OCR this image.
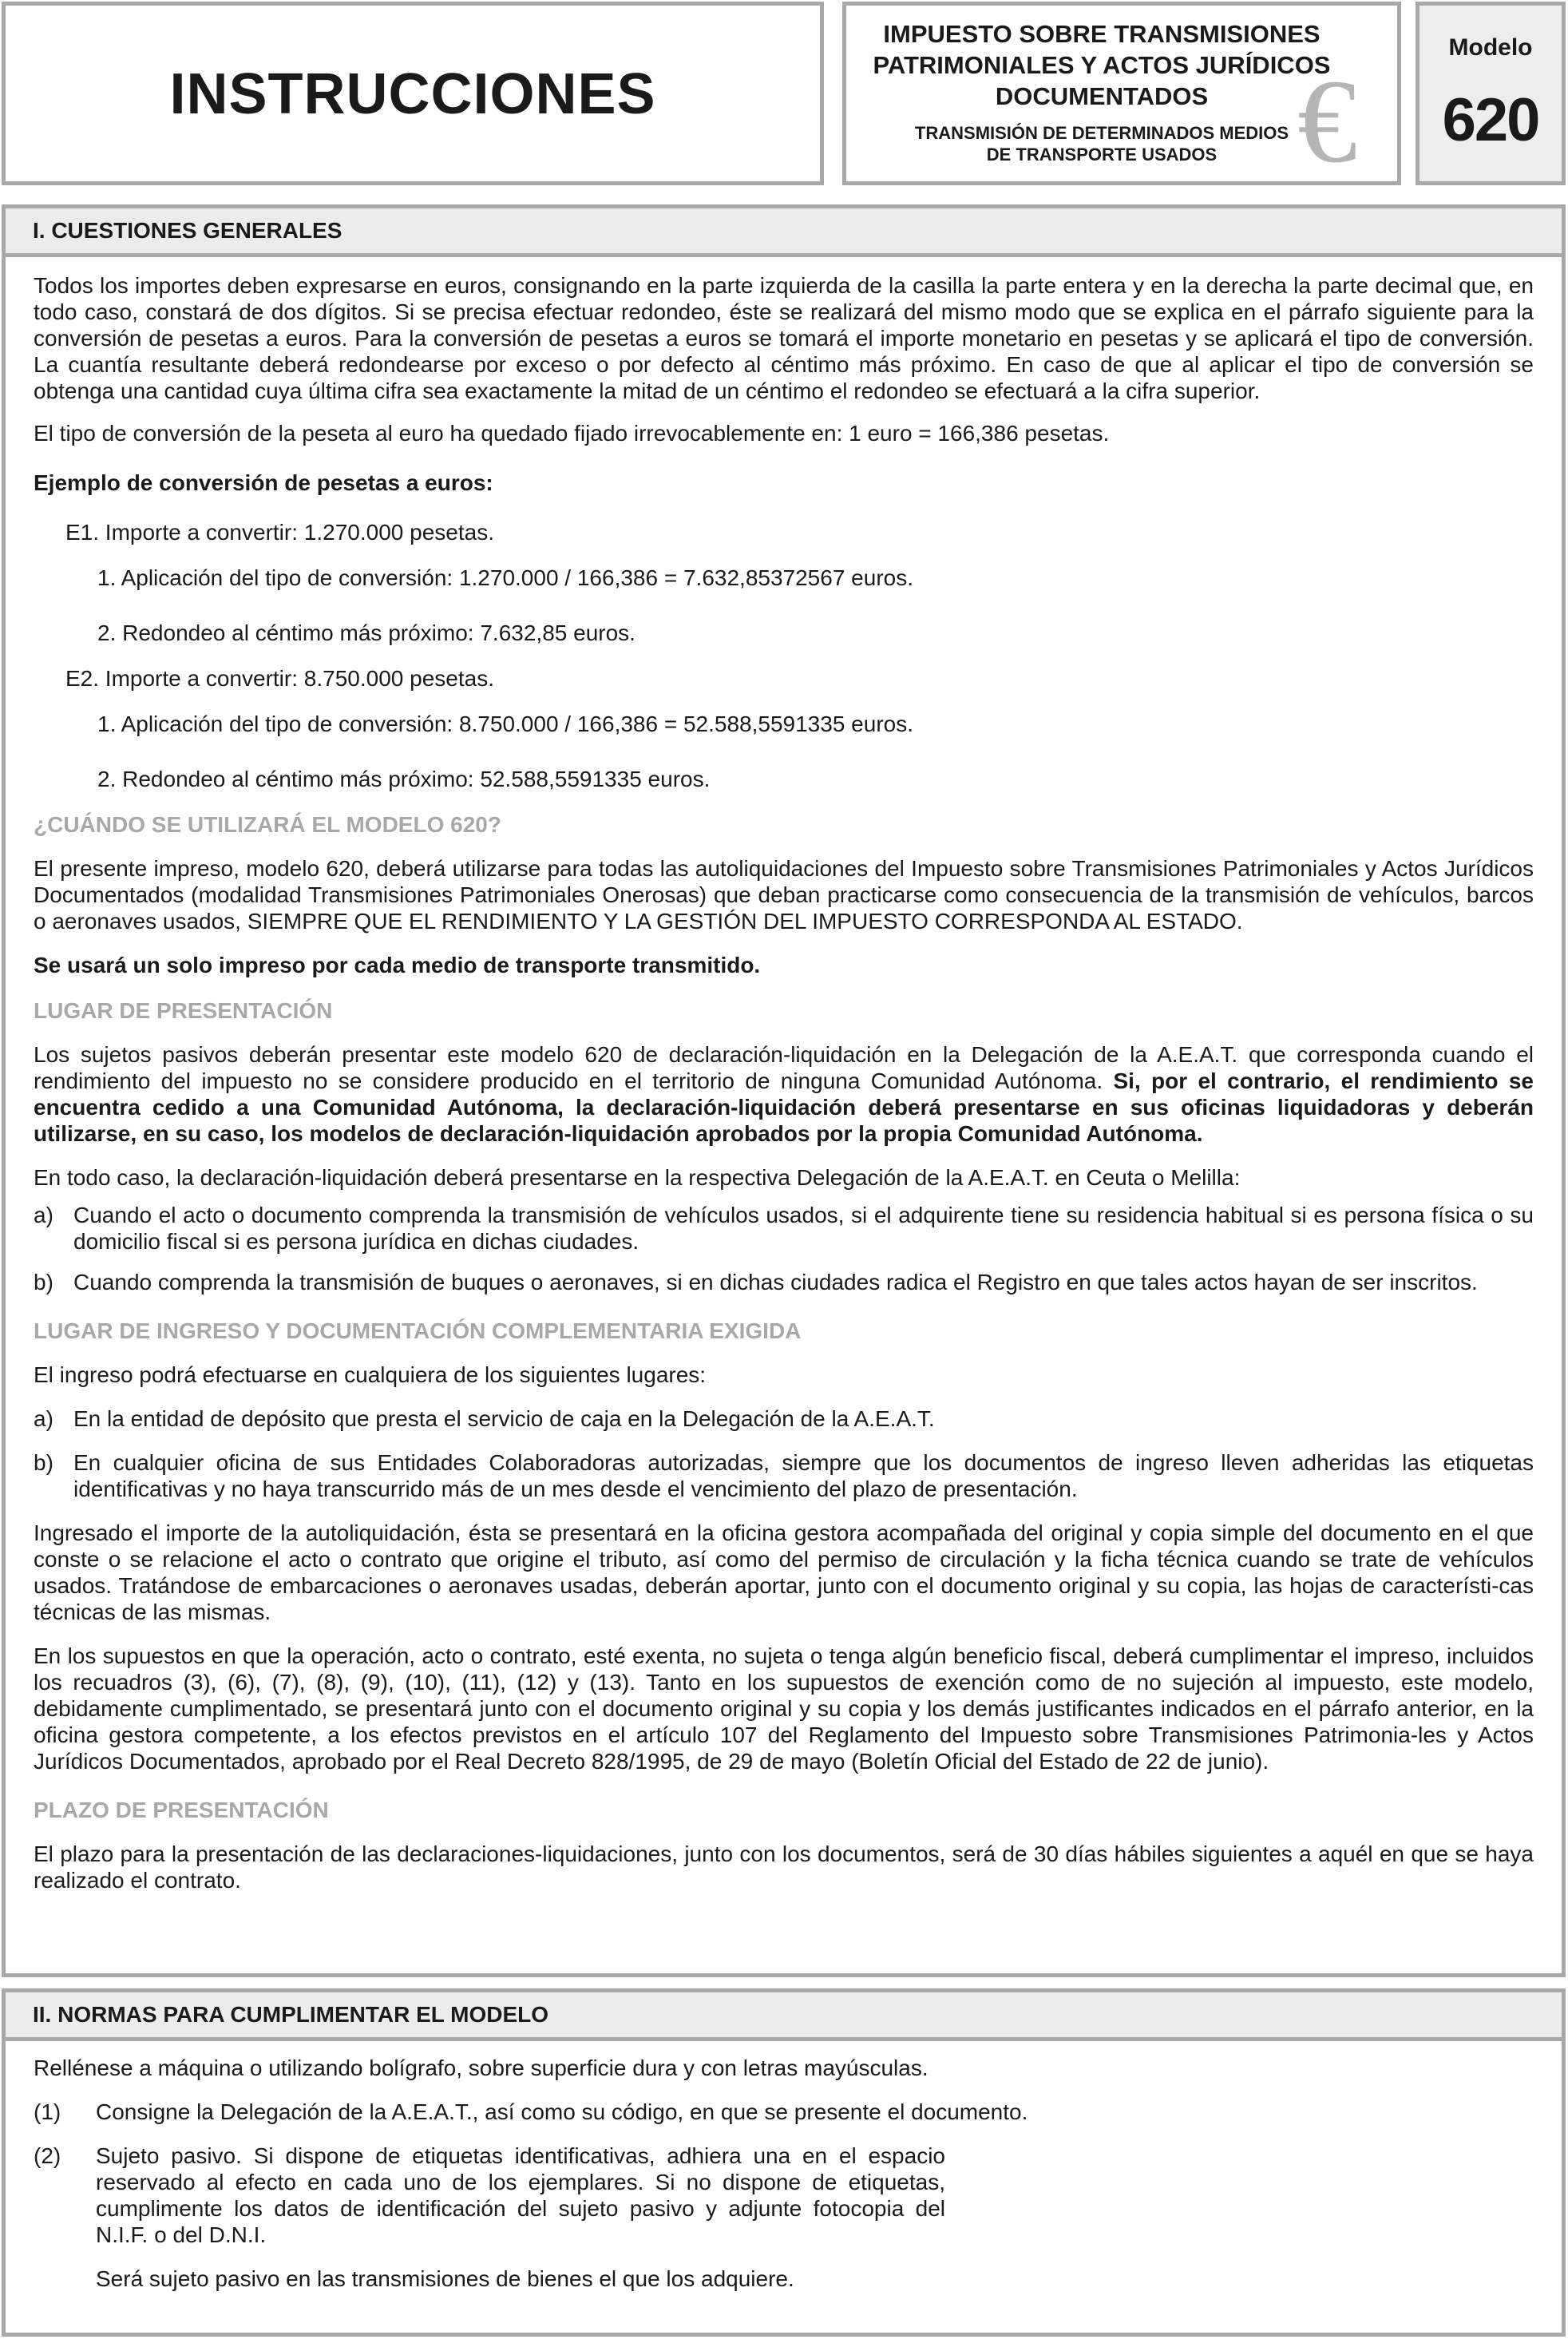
INSTRUCCIONES
IMPUESTO SOBRE TRANSMISIONES PATRIMONIALES Y ACTOS JURÍDICOS DOCUMENTADOS
TRANSMISIÓN DE DETERMINADOS MEDIOS DE TRANSPORTE USADOS €
Modelo
620
I. CUESTIONES GENERALES

Todos los importes deben expresarse en euros, consignando en la parte izquierda de la casilla la parte entera y en la derecha la parte decimal que, en todo caso, constará de dos dígitos. Si se precisa efectuar redondeo, éste se realizará del mismo modo que se explica en el párrafo siguiente para la conversión de pesetas a euros. Para la conversión de pesetas a euros se tomará el importe monetario en pesetas y se aplicará el tipo de conversión. La cuantía resultante deberá redondearse por exceso o por defecto al céntimo más próximo. En caso de que al aplicar el tipo de conversión se obtenga una cantidad cuya última cifra sea exactamente la mitad de un céntimo el redondeo se efectuará a la cifra superior.

El tipo de conversión de la peseta al euro ha quedado fijado irrevocablemente en: 1 euro = 166,386 pesetas.

Ejemplo de conversión de pesetas a euros:

E1. Importe a convertir: 1.270.000 pesetas.

1. Aplicación del tipo de conversión: 1.270.000 / 166,386 = 7.632,85372567 euros.

2. Redondeo al céntimo más próximo: 7.632,85 euros.

E2. Importe a convertir: 8.750.000 pesetas.

1. Aplicación del tipo de conversión: 8.750.000 / 166,386 = 52.588,5591335 euros.

2. Redondeo al céntimo más próximo: 52.588,5591335 euros.

¿CUÁNDO SE UTILIZARÁ EL MODELO 620?

El presente impreso, modelo 620, deberá utilizarse para todas las autoliquidaciones del Impuesto sobre Transmisiones Patrimoniales y Actos Jurídicos Documentados (modalidad Transmisiones Patrimoniales Onerosas) que deban practicarse como consecuencia de la transmisión de vehículos, barcos o aeronaves usados, SIEMPRE QUE EL RENDIMIENTO Y LA GESTIÓN DEL IMPUESTO CORRESPONDA AL ESTADO.

Se usará un solo impreso por cada medio de transporte transmitido.

LUGAR DE PRESENTACIÓN

Los sujetos pasivos deberán presentar este modelo 620 de declaración-liquidación en la Delegación de la A.E.A.T. que corresponda cuando el rendimiento del impuesto no se considere producido en el territorio de ninguna Comunidad Autónoma. Si, por el contrario, el rendimiento se encuentra cedido a una Comunidad Autónoma, la declaración-liquidación deberá presentarse en sus oficinas liquidadoras y deberán utilizarse, en su caso, los modelos de declaración-liquidación aprobados por la propia Comunidad Autónoma.

En todo caso, la declaración-liquidación deberá presentarse en la respectiva Delegación de la A.E.A.T. en Ceuta o Melilla:

a) Cuando el acto o documento comprenda la transmisión de vehículos usados, si el adquirente tiene su residencia habitual si es persona física o su domicilio fiscal si es persona jurídica en dichas ciudades.
b) Cuando comprenda la transmisión de buques o aeronaves, si en dichas ciudades radica el Registro en que tales actos hayan de ser inscritos.

LUGAR DE INGRESO Y DOCUMENTACIÓN COMPLEMENTARIA EXIGIDA

El ingreso podrá efectuarse en cualquiera de los siguientes lugares:

a) En la entidad de depósito que presta el servicio de caja en la Delegación de la A.E.A.T.
b) En cualquier oficina de sus Entidades Colaboradoras autorizadas, siempre que los documentos de ingreso lleven adheridas las etiquetas identificativas y no haya transcurrido más de un mes desde el vencimiento del plazo de presentación.

Ingresado el importe de la autoliquidación, ésta se presentará en la oficina gestora acompañada del original y copia simple del documento en el que conste o se relacione el acto o contrato que origine el tributo, así como del permiso de circulación y la ficha técnica cuando se trate de vehículos usados. Tratándose de embarcaciones o aeronaves usadas, deberán aportar, junto con el documento original y su copia, las hojas de característi-cas técnicas de las mismas.

En los supuestos en que la operación, acto o contrato, esté exenta, no sujeta o tenga algún beneficio fiscal, deberá cumplimentar el impreso, incluidos los recuadros (3), (6), (7), (8), (9), (10), (11), (12) y (13). Tanto en los supuestos de exención como de no sujeción al impuesto, este modelo, debidamente cumplimentado, se presentará junto con el documento original y su copia y los demás justificantes indicados en el párrafo anterior, en la oficina gestora competente, a los efectos previstos en el artículo 107 del Reglamento del Impuesto sobre Transmisiones Patrimonia-les y Actos Jurídicos Documentados, aprobado por el Real Decreto 828/1995, de 29 de mayo (Boletín Oficial del Estado de 22 de junio).

PLAZO DE PRESENTACIÓN

El plazo para la presentación de las declaraciones-liquidaciones, junto con los documentos, será de 30 días hábiles siguientes a aquél en que se haya realizado el contrato.

II. NORMAS PARA CUMPLIMENTAR EL MODELO

Rellénese a máquina o utilizando bolígrafo, sobre superficie dura y con letras mayúsculas.

(1)	Consigne la Delegación de la A.E.A.T., así como su código, en que se presente el documento.
(2)	Sujeto pasivo. Si dispone de etiquetas identificativas, adhiera una en el espacio reservado al efecto en cada uno de los ejemplares. Si no dispone de etiquetas, cumplimente los datos de identificación del sujeto pasivo y adjunte fotocopia del N.I.F. o del D.N.I.

Será sujeto pasivo en las transmisiones de bienes el que los adquiere.
